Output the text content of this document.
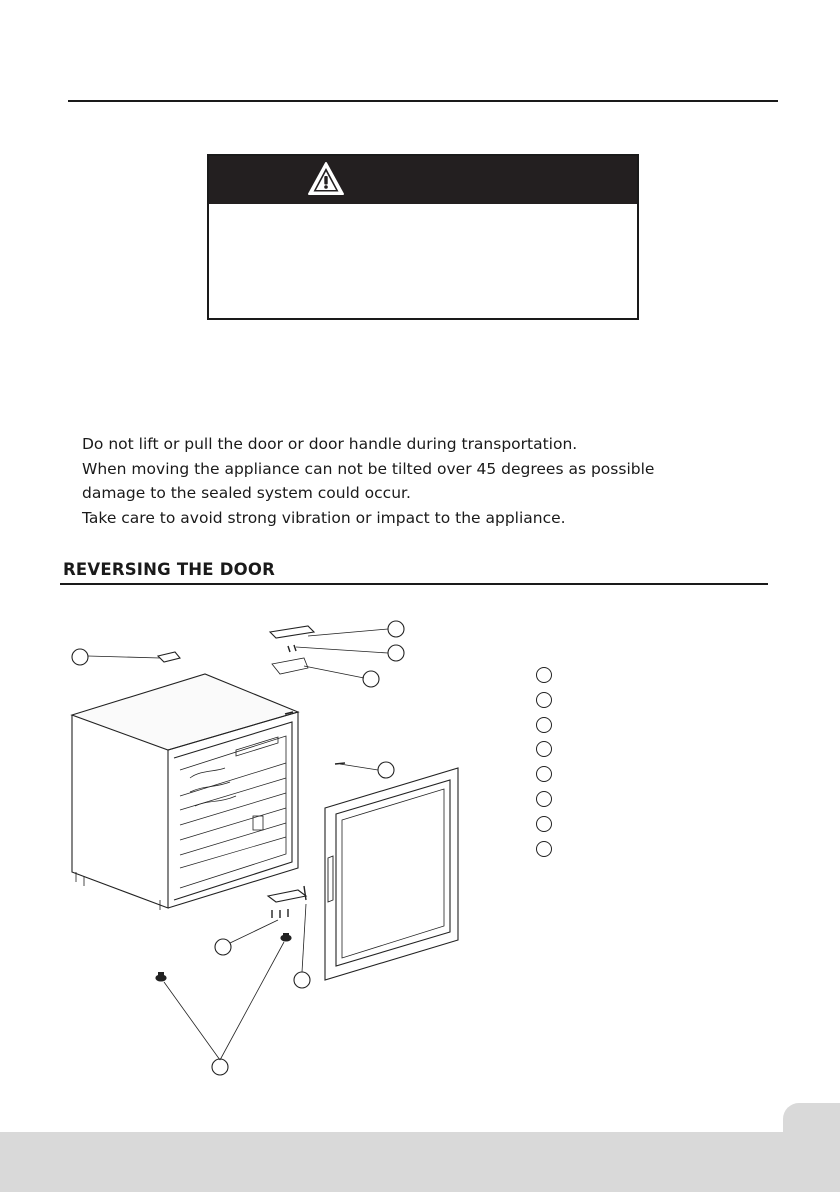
Do not lift or pull the door or door handle during transportation.
When moving the appliance can not be tilted over 45 degrees as possible
damage to the sealed system could occur.
Take care to avoid strong vibration or impact to the appliance.
REVERSING THE DOOR
